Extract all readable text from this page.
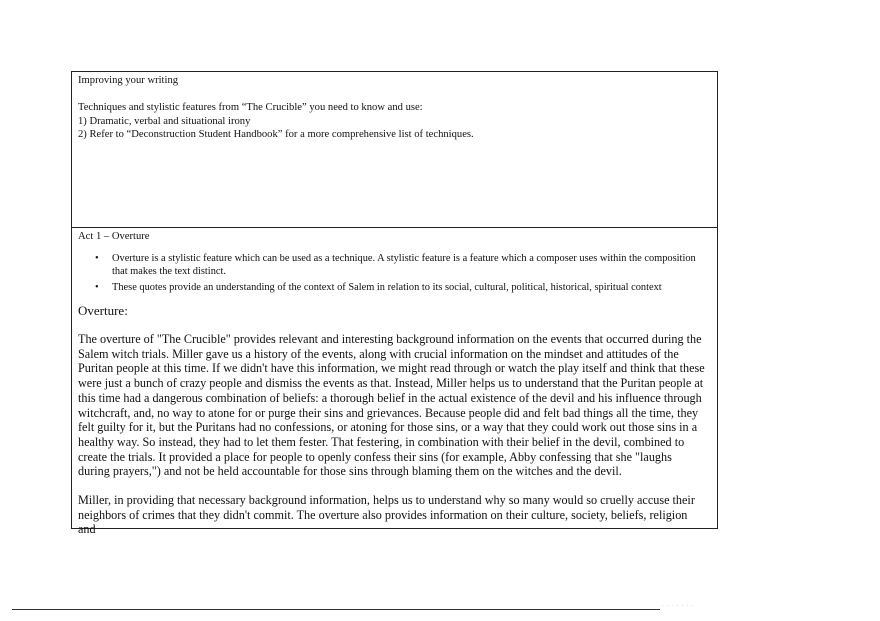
Improving your writing

Techniques and stylistic features from “The Crucible” you need to know and use:

1) Dramatic, verbal and situational irony

2) Refer to “Deconstruction Student Handbook” for a more comprehensive list of techniques.

Act 1 – Overture

• Overture is a stylistic feature which can be used as a technique. A stylistic feature is a feature which a composer uses within the composition that makes the text distinct.
• These quotes provide an understanding of the context of Salem in relation to its social, cultural, political, historical, spiritual context

Overture:

The overture of "The Crucible" provides relevant and interesting background information on the events that occurred during the Salem witch trials. Miller gave us a history of the events, along with crucial information on the mindset and attitudes of the Puritan people at this time. If we didn't have this information, we might read through or watch the play itself and think that these were just a bunch of crazy people and dismiss the events as that. Instead, Miller helps us to understand that the Puritan people at this time had a dangerous combination of beliefs: a thorough belief in the actual existence of the devil and his influence through witchcraft, and, no way to atone for or purge their sins and grievances. Because people did and felt bad things all the time, they felt guilty for it, but the Puritans had no confessions, or atoning for those sins, or a way that they could work out those sins in a healthy way. So instead, they had to let them fester. That festering, in combination with their belief in the devil, combined to create the trials. It provided a place for people to openly confess their sins (for example, Abby confessing that she "laughs during prayers,") and not be held accountable for those sins through blaming them on the witches and the devil.

Miller, in providing that necessary background information, helps us to understand why so many would so cruelly accuse their neighbors of crimes that they didn't commit. The overture also provides information on their culture, society, beliefs, religion and

· · · · · · ·
